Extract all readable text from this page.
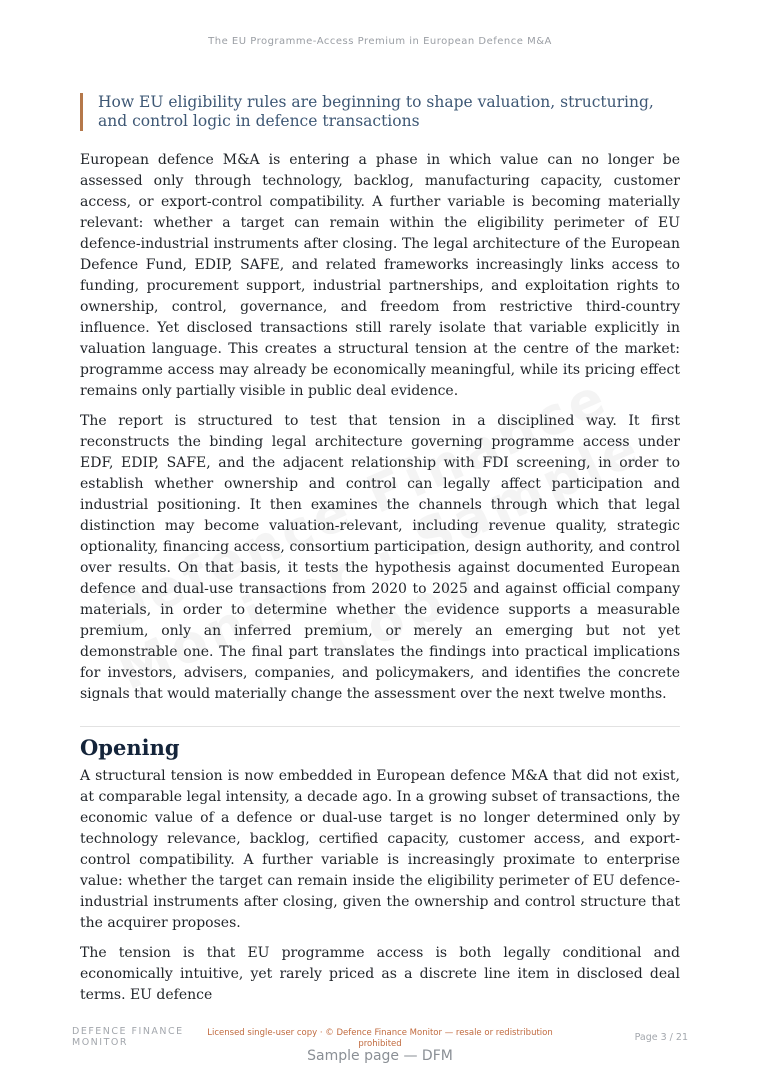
The EU Programme-Access Premium in European Defence M&A
How EU eligibility rules are beginning to shape valuation, structuring, and control logic in defence transactions

European defence M&A is entering a phase in which value can no longer be assessed only through technology, backlog, manufacturing capacity, customer access, or export-control compatibility. A further variable is becoming materially relevant: whether a target can remain within the eligibility perimeter of EU defence-industrial instruments after closing. The legal architecture of the European Defence Fund, EDIP, SAFE, and related frameworks increasingly links access to funding, procurement support, industrial partnerships, and exploitation rights to ownership, control, governance, and freedom from restrictive third-country influence. Yet disclosed transactions still rarely isolate that variable explicitly in valuation language. This creates a structural tension at the centre of the market: programme access may already be economically meaningful, while its pricing effect remains only partially visible in public deal evidence.

The report is structured to test that tension in a disciplined way. It first reconstructs the binding legal architecture governing programme access under EDF, EDIP, SAFE, and the adjacent relationship with FDI screening, in order to establish whether ownership and control can legally affect participation and industrial positioning. It then examines the channels through which that legal distinction may become valuation-relevant, including revenue quality, strategic optionality, financing access, consortium participation, design authority, and control over results. On that basis, it tests the hypothesis against documented European defence and dual-use transactions from 2020 to 2025 and against official company materials, in order to determine whether the evidence supports a measurable premium, only an inferred premium, or merely an emerging but not yet demonstrable one. The final part translates the findings into practical implications for investors, advisers, companies, and policymakers, and identifies the concrete signals that would materially change the assessment over the next twelve months.

Opening

A structural tension is now embedded in European defence M&A that did not exist, at comparable legal intensity, a decade ago. In a growing subset of transactions, the economic value of a defence or dual-use target is no longer determined only by technology relevance, backlog, certified capacity, customer access, and export-control compatibility. A further variable is increasingly proximate to enterprise value: whether the target can remain inside the eligibility perimeter of EU defence-industrial instruments after closing, given the ownership and control structure that the acquirer proposes.

The tension is that EU programme access is both legally conditional and economically intuitive, yet rarely priced as a discrete line item in disclosed deal terms. EU defence

DEFENCE FINANCE MONITOR
Licensed single-user copy · © Defence Finance Monitor — resale or redistribution prohibited
Page 3 / 21
Sample page — DFM
